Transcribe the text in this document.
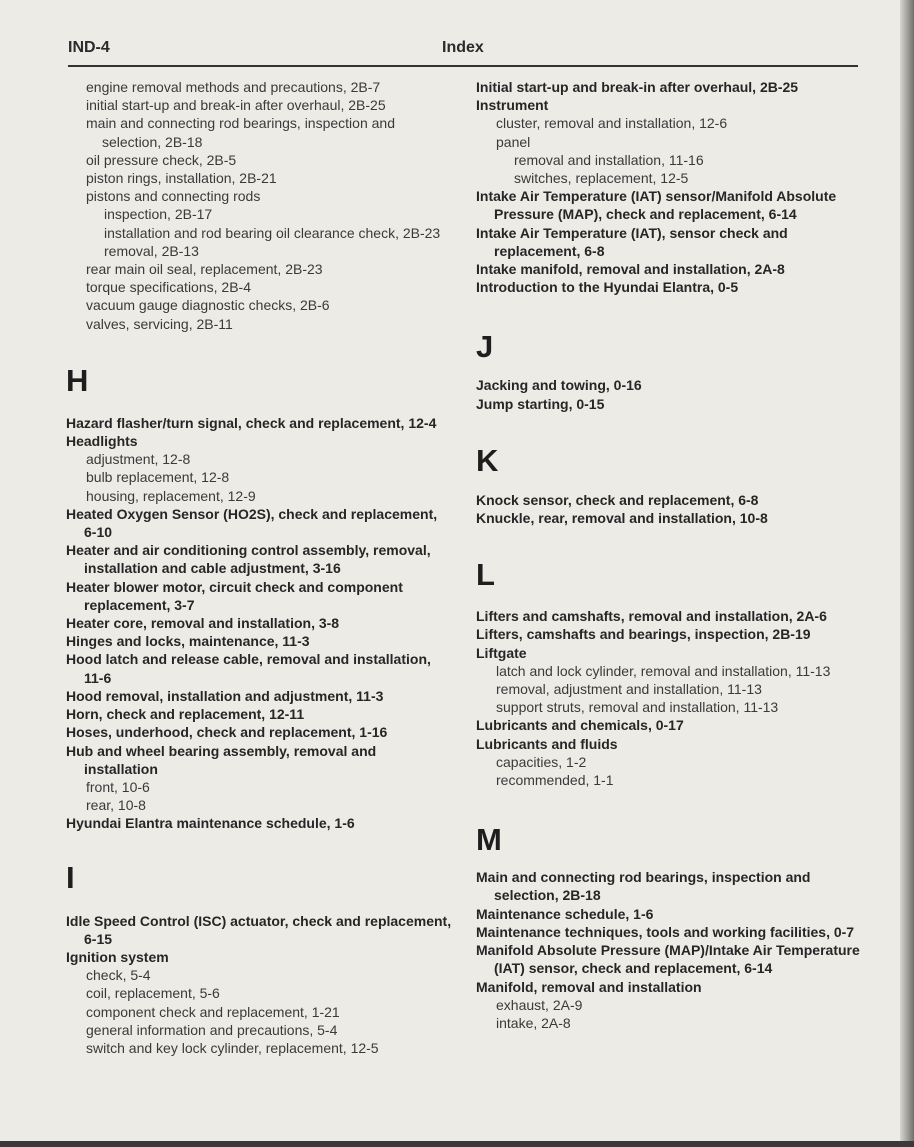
IND-4	Index

engine removal methods and precautions, 2B-7

initial start-up and break-in after overhaul, 2B-25

main and connecting rod bearings, inspection and selection, 2B-18

oil pressure check, 2B-5

piston rings, installation, 2B-21

pistons and connecting rods

inspection, 2B-17

installation and rod bearing oil clearance check, 2B-23

removal, 2B-13

rear main oil seal, replacement, 2B-23

torque specifications, 2B-4

vacuum gauge diagnostic checks, 2B-6

valves, servicing, 2B-11

H

Hazard flasher/turn signal, check and replacement, 12-4

Headlights

adjustment, 12-8

bulb replacement, 12-8

housing, replacement, 12-9

Heated Oxygen Sensor (HO2S), check and replacement, 6-10

Heater and air conditioning control assembly, removal, installation and cable adjustment, 3-16

Heater blower motor, circuit check and component replacement, 3-7

Heater core, removal and installation, 3-8

Hinges and locks, maintenance, 11-3

Hood latch and release cable, removal and installation, 11-6

Hood removal, installation and adjustment, 11-3

Horn, check and replacement, 12-11

Hoses, underhood, check and replacement, 1-16

Hub and wheel bearing assembly, removal and installation

front, 10-6

rear, 10-8

Hyundai Elantra maintenance schedule, 1-6

I

Idle Speed Control (ISC) actuator, check and replacement, 6-15

Ignition system

check, 5-4

coil, replacement, 5-6

component check and replacement, 1-21

general information and precautions, 5-4

switch and key lock cylinder, replacement, 12-5

Initial start-up and break-in after overhaul, 2B-25

Instrument

cluster, removal and installation, 12-6

panel

removal and installation, 11-16

switches, replacement, 12-5

Intake Air Temperature (IAT) sensor/Manifold Absolute Pressure (MAP), check and replacement, 6-14

Intake Air Temperature (IAT), sensor check and replacement, 6-8

Intake manifold, removal and installation, 2A-8

Introduction to the Hyundai Elantra, 0-5

J

Jacking and towing, 0-16

Jump starting, 0-15

K

Knock sensor, check and replacement, 6-8

Knuckle, rear, removal and installation, 10-8

L

Lifters and camshafts, removal and installation, 2A-6

Lifters, camshafts and bearings, inspection, 2B-19

Liftgate

latch and lock cylinder, removal and installation, 11-13

removal, adjustment and installation, 11-13

support struts, removal and installation, 11-13

Lubricants and chemicals, 0-17

Lubricants and fluids

capacities, 1-2

recommended, 1-1

M

Main and connecting rod bearings, inspection and selection, 2B-18

Maintenance schedule, 1-6

Maintenance techniques, tools and working facilities, 0-7

Manifold Absolute Pressure (MAP)/Intake Air Temperature (IAT) sensor, check and replacement, 6-14

Manifold, removal and installation

exhaust, 2A-9

intake, 2A-8
